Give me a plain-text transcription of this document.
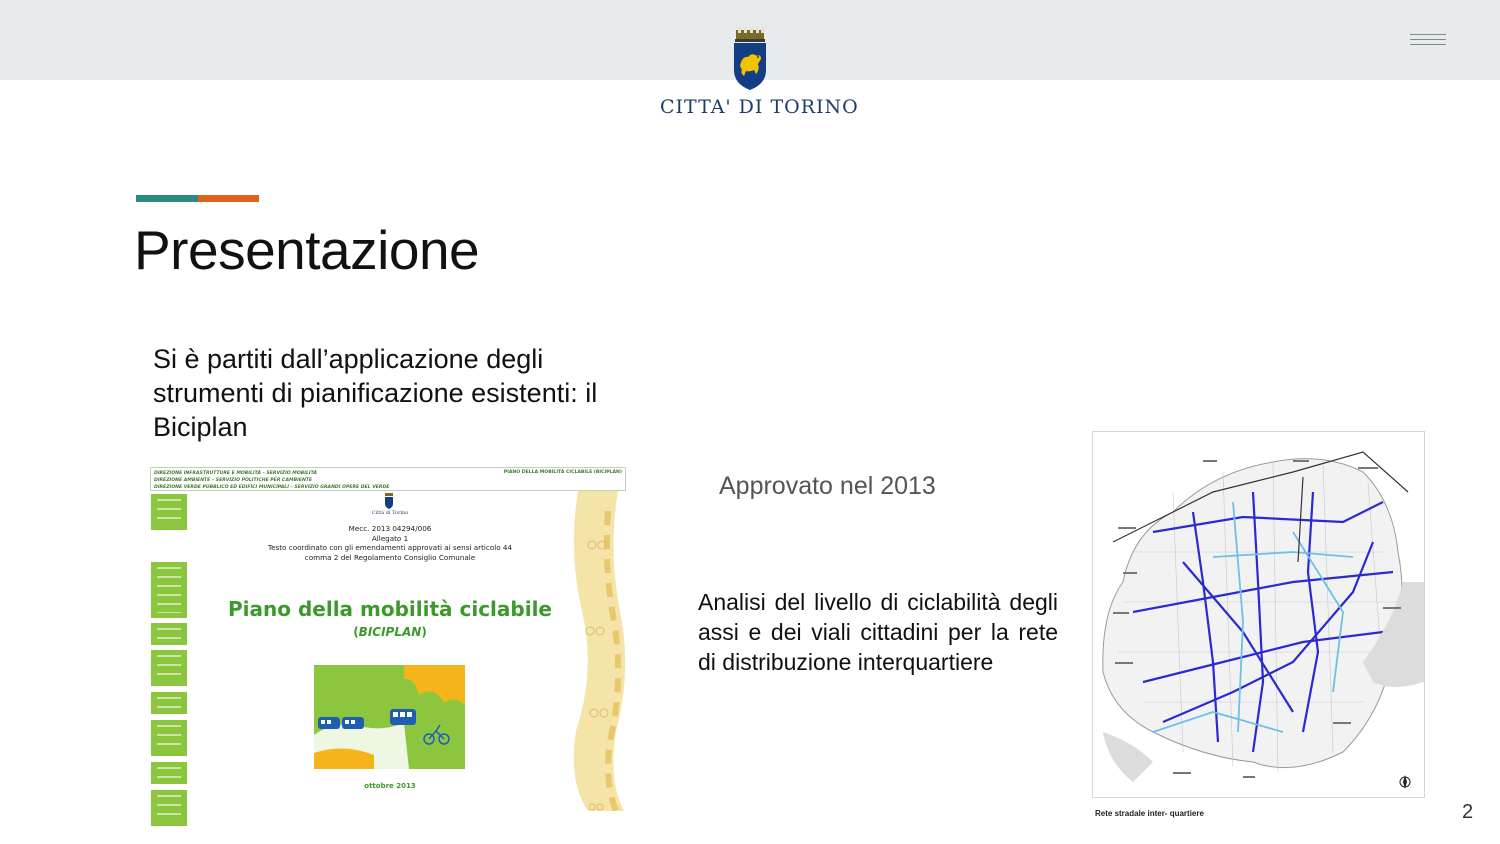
CITTA' DI TORINO
Presentazione
Si è partiti dall’applicazione degli strumenti di pianificazione esistenti: il Biciplan
DIREZIONE INFRASTRUTTURE E MOBILITÀ – SERVIZIO MOBILITÀ
DIREZIONE AMBIENTE – SERVIZIO POLITICHE PER L’AMBIENTE
DIREZIONE VERDE PUBBLICO ED EDIFICI MUNICIPALI – SERVIZIO GRANDI OPERE DEL VERDE
PIANO DELLA MOBILITÀ CICLABILE (BICIPLAN)
Città di Torino
Mecc. 2013 04294/006
Allegato 1
Testo coordinato con gli emendamenti approvati ai sensi articolo 44
comma 2 del Regolamento Consiglio Comunale
Piano della mobilità ciclabile
(BICIPLAN)
ottobre 2013
Approvato nel 2013
Analisi del livello di ciclabilità degli assi e dei viali cittadini per la rete di distribuzione interquartiere
Rete stradale inter- quartiere	2
